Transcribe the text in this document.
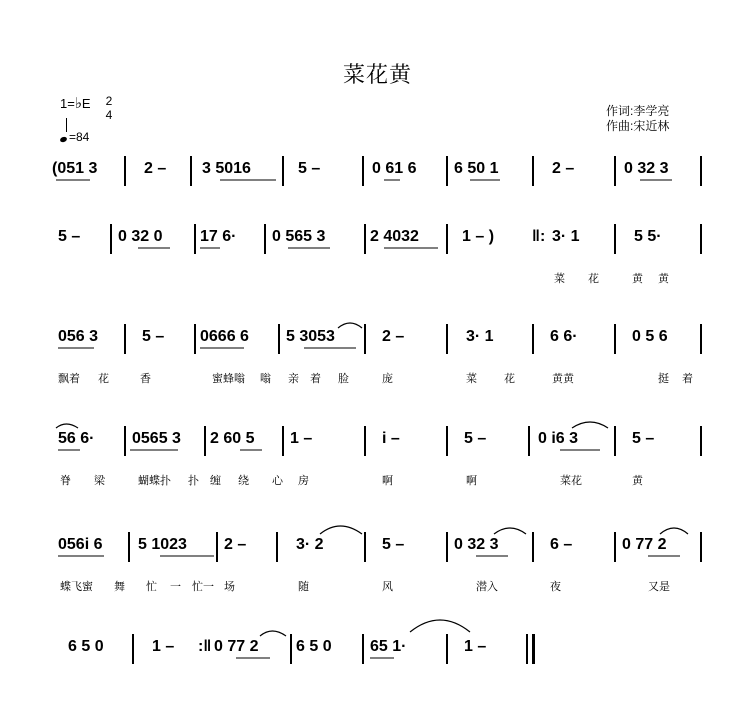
菜花黄
1=♭E 2
4
=84
作词:李学亮
作曲:宋近林
(051 3	2 – 3 5016	5 –	0 61 6 6 50 1	2 –	0 32 3
5 – 0 32 0 17 6· 0 565 3	2 4032	1 – ) ‖: 3· 1	5 5·
菜 花	黄 黄
056 3	5 – 0666 6 5 3053	2 –	3· 1	6 6·	0 5 6
飘着 花	香	蜜蜂嗡 嗡 亲 着 脸	庞	菜 花	黄黄	挺 着
56 6· 0565 3 2 60 5 1 –	i –	5 –	0 i6 3	5 –
脊 梁	蝴蝶扑 扑 缠 绕 心 房	啊	啊	菜花	黄
056i 6 5 1023 2 –	3· 2	5 –	0 32 3	6 –	0 77 2
蝶飞蜜 舞 忙 一 忙一 场	随	风	潜入	夜	又是
6 5 0	1 – :‖ 0 77 2 6 5 0 65 1·	1 –
